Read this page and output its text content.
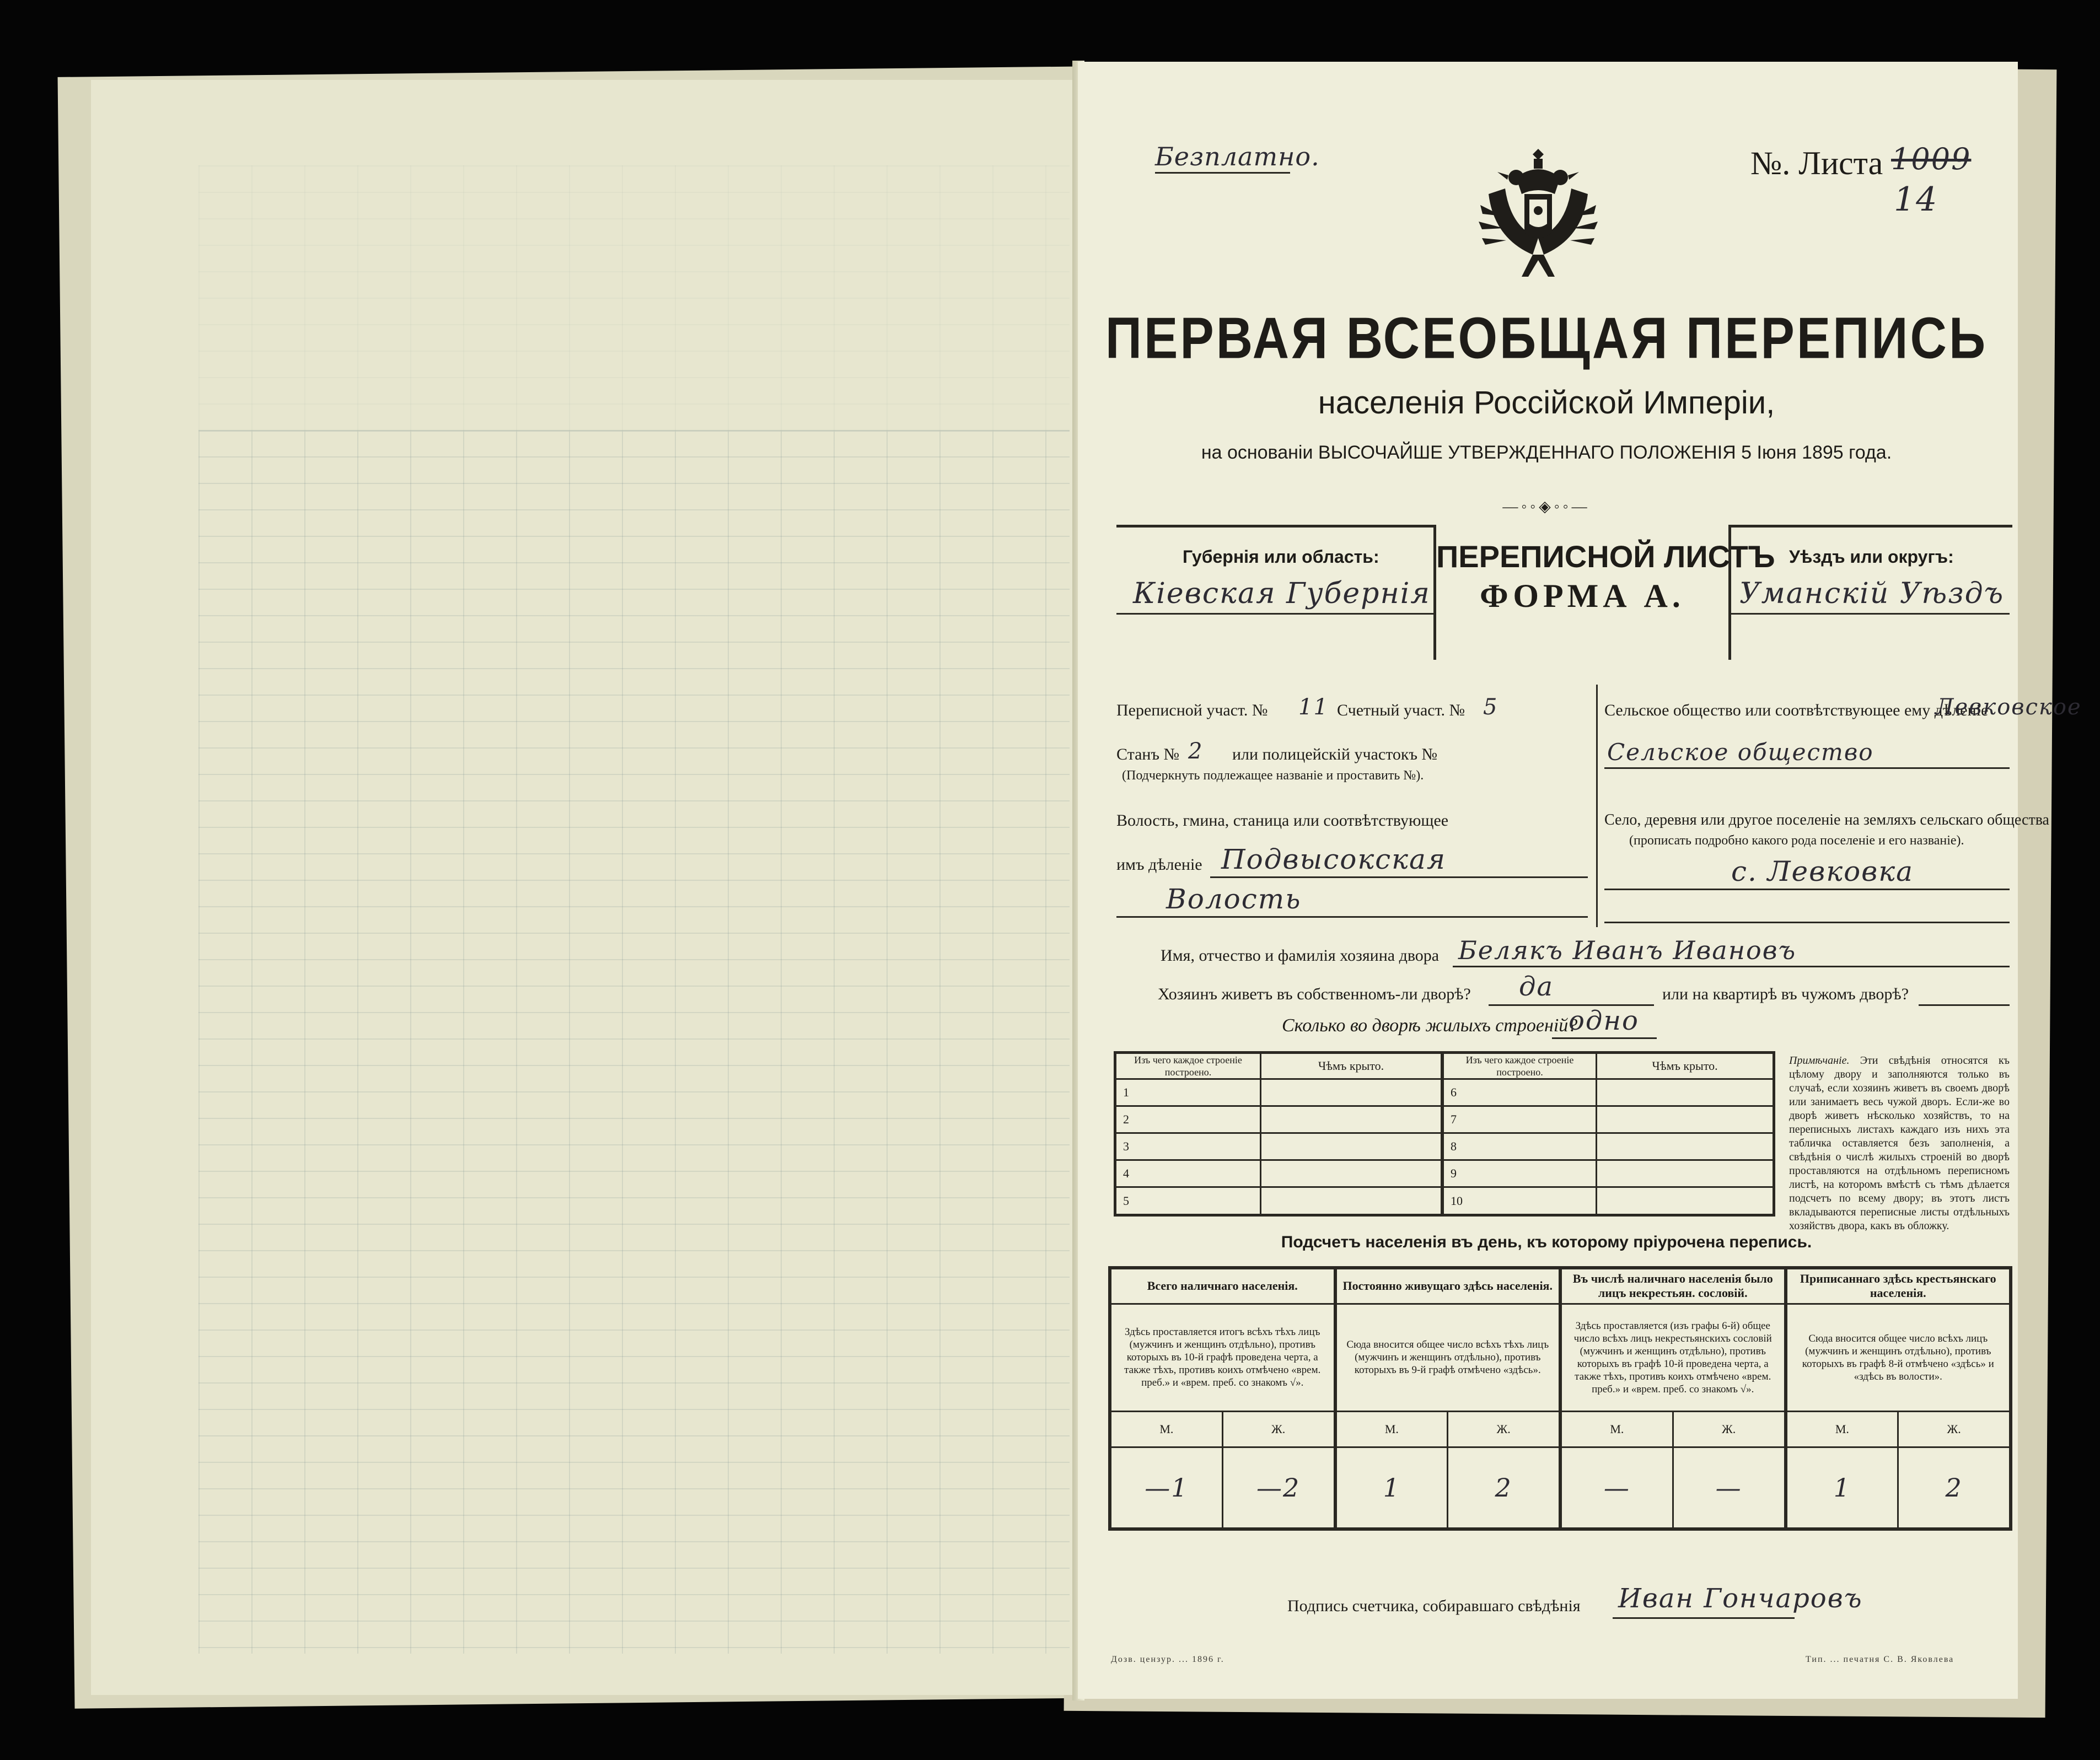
Безплатно.	№. Листа 1009
14
ПЕРВАЯ ВСЕОБЩАЯ ПЕРЕПИСЬ
населенія Россійской Имперіи,
на основаніи ВЫСОЧАЙШЕ УТВЕРЖДЕННАГО ПОЛОЖЕНІЯ 5 Іюня 1895 года.
—◦◦◈◦◦—
Губернія или область:
Кіевская Губернія
ПЕРЕПИСНОЙ ЛИСТЪ
ФОРМА А.
Уѣздъ или округъ:
Уманскій Уѣздъ
Переписной участ. № 11 Счетный участ. № 5
Станъ № 2 или полицейскій участокъ №
(Подчеркнуть подлежащее названіе и проставить №).
Волость, гмина, станица или соотвѣтствующее
имъ дѣленіе Подвысокская
Волость
Сельское общество или соотвѣтствующее ему дѣленіе
Левковское
Сельское общество
Село, деревня или другое поселеніе на земляхъ сельскаго общества
(прописать подробно какого рода поселеніе и его названіе).
с. Левковка
Имя, отчество и фамилія хозяина двора Белякъ Иванъ Ивановъ
Хозяинъ живетъ въ собственномъ-ли дворѣ? да	или на квартирѣ въ чужомъ дворѣ?
Сколько во дворѣ жилыхъ строеній?
одно
Изъ чего каждое строеніе построено.	Чѣмъ крыто.	Изъ чего каждое строеніе построено.	Чѣмъ крыто.
1		6	
2		7	
3		8	
4		9	
5		10	
Примѣчаніе. Эти свѣдѣнія относятся къ цѣлому двору и заполняются только въ случаѣ, если хозяинъ живетъ въ своемъ дворѣ или занимаетъ весь чужой дворъ. Если-же во дворѣ живетъ нѣсколько хозяйствъ, то на переписныхъ листахъ каждаго изъ нихъ эта табличка оставляется безъ заполненія, а свѣдѣнія о числѣ жилыхъ строеній во дворѣ проставляются на отдѣльномъ переписномъ листѣ, на которомъ вмѣстѣ съ тѣмъ дѣлается подсчетъ по всему двору; въ этотъ листъ вкладываются переписные листы отдѣльныхъ хозяйствъ двора, какъ въ обложку.
Подсчетъ населенія въ день, къ которому пріурочена перепись.
Всего наличнаго населенія.		Постоянно живущаго здѣсь населенія.		Въ числѣ наличнаго населенія было лицъ некрестьян. сословій.		Приписаннаго здѣсь крестьянскаго населенія.	
Здѣсь проставляется итогъ всѣхъ тѣхъ лицъ (мужчинъ и женщинъ отдѣльно), противъ которыхъ въ 10-й графѣ проведена черта, а также тѣхъ, противъ коихъ отмѣчено «врем. преб.» и «врем. преб. со знакомъ √».		Сюда вносится общее число всѣхъ тѣхъ лицъ (мужчинъ и женщинъ отдѣльно), противъ которыхъ въ 9-й графѣ отмѣчено «здѣсь».		Здѣсь проставляется (изъ графы 6-й) общее число всѣхъ лицъ некрестьянскихъ сословій (мужчинъ и женщинъ отдѣльно), противъ которыхъ въ графѣ 10-й проведена черта, а также тѣхъ, противъ коихъ отмѣчено «врем. преб.» и «врем. преб. со знакомъ √».		Сюда вносится общее число всѣхъ лицъ (мужчинъ и женщинъ отдѣльно), противъ которыхъ въ графѣ 8-й отмѣчено «здѣсь» и «здѣсь въ волости».	
М.	Ж.	М.	Ж.	М.	Ж.	М.	Ж.
—1	—2	1	2	—	—	1	2
Подпись счетчика, собиравшаго свѣдѣнія Иван Гончаровъ
Дозв. цензур. ... 1896 г.	Тип. ... печатня С. В. Яковлева
